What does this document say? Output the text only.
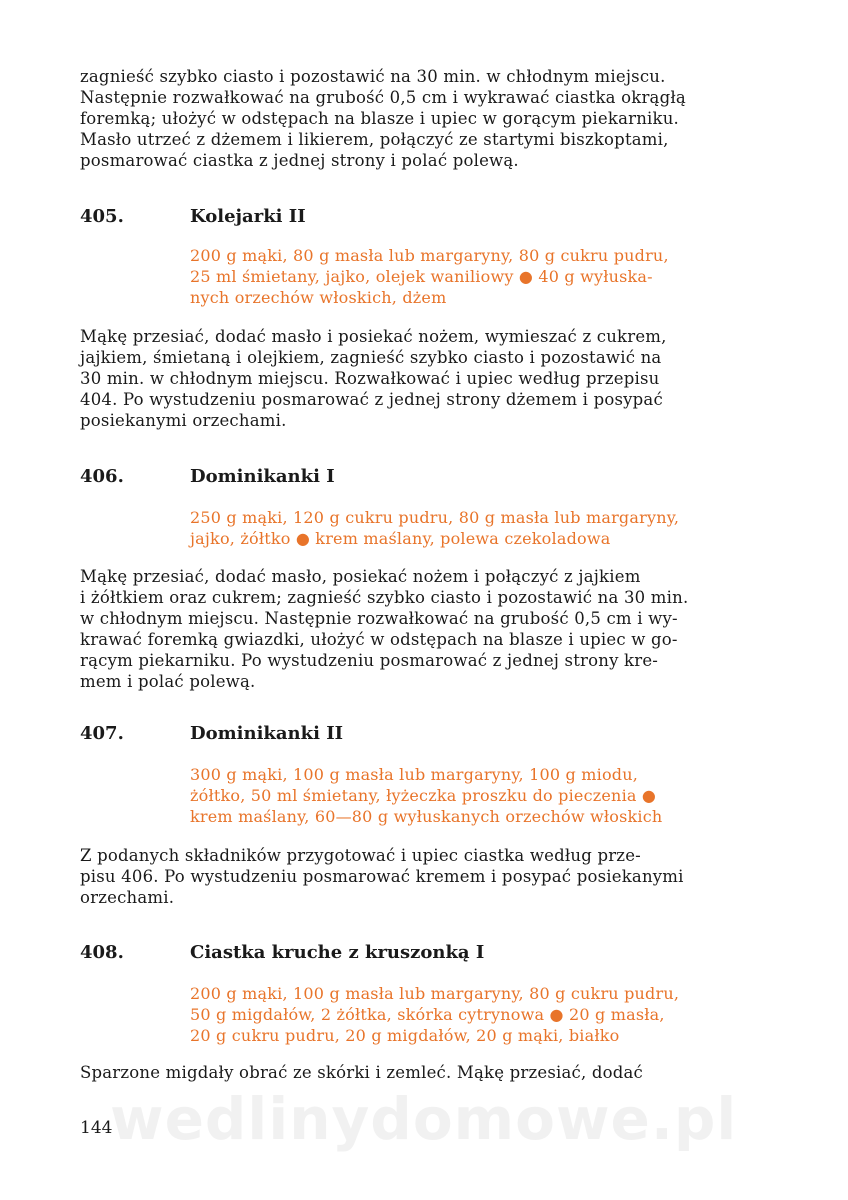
zagnieść szybko ciasto i pozostawić na 30 min. w chłodnym miejscu.
Następnie rozwałkować na grubość 0,5 cm i wykrawać ciastka okrągłą
foremką; ułożyć w odstępach na blasze i upiec w gorącym piekarniku.
Masło utrzeć z dżemem i likierem, połączyć ze startymi biszkoptami,
posmarować ciastka z jednej strony i polać polewą.
405.	Kolejarki II
200 g mąki, 80 g masła lub margaryny, 80 g cukru pudru,
25 ml śmietany, jajko, olejek waniliowy ● 40 g wyłuska-
nych orzechów włoskich, dżem
Mąkę przesiać, dodać masło i posiekać nożem, wymieszać z cukrem,
jajkiem, śmietaną i olejkiem, zagnieść szybko ciasto i pozostawić na
30 min. w chłodnym miejscu. Rozwałkować i upiec według przepisu
404. Po wystudzeniu posmarować z jednej strony dżemem i posypać
posiekanymi orzechami.
406.	Dominikanki I
250 g mąki, 120 g cukru pudru, 80 g masła lub margaryny,
jajko, żółtko ● krem maślany, polewa czekoladowa
Mąkę przesiać, dodać masło, posiekać nożem i połączyć z jajkiem
i żółtkiem oraz cukrem; zagnieść szybko ciasto i pozostawić na 30 min.
w chłodnym miejscu. Następnie rozwałkować na grubość 0,5 cm i wy-
krawać foremką gwiazdki, ułożyć w odstępach na blasze i upiec w go-
rącym piekarniku. Po wystudzeniu posmarować z jednej strony kre-
mem i polać polewą.
407.	Dominikanki II
300 g mąki, 100 g masła lub margaryny, 100 g miodu,
żółtko, 50 ml śmietany, łyżeczka proszku do pieczenia ●
krem maślany, 60—80 g wyłuskanych orzechów włoskich
Z podanych składników przygotować i upiec ciastka według prze-
pisu 406. Po wystudzeniu posmarować kremem i posypać posiekanymi
orzechami.
408.	Ciastka kruche z kruszonką I
200 g mąki, 100 g masła lub margaryny, 80 g cukru pudru,
50 g migdałów, 2 żółtka, skórka cytrynowa ● 20 g masła,
20 g cukru pudru, 20 g migdałów, 20 g mąki, białko
Sparzone migdały obrać ze skórki i zemleć. Mąkę przesiać, dodać
wedlinydomowe.pl
144
